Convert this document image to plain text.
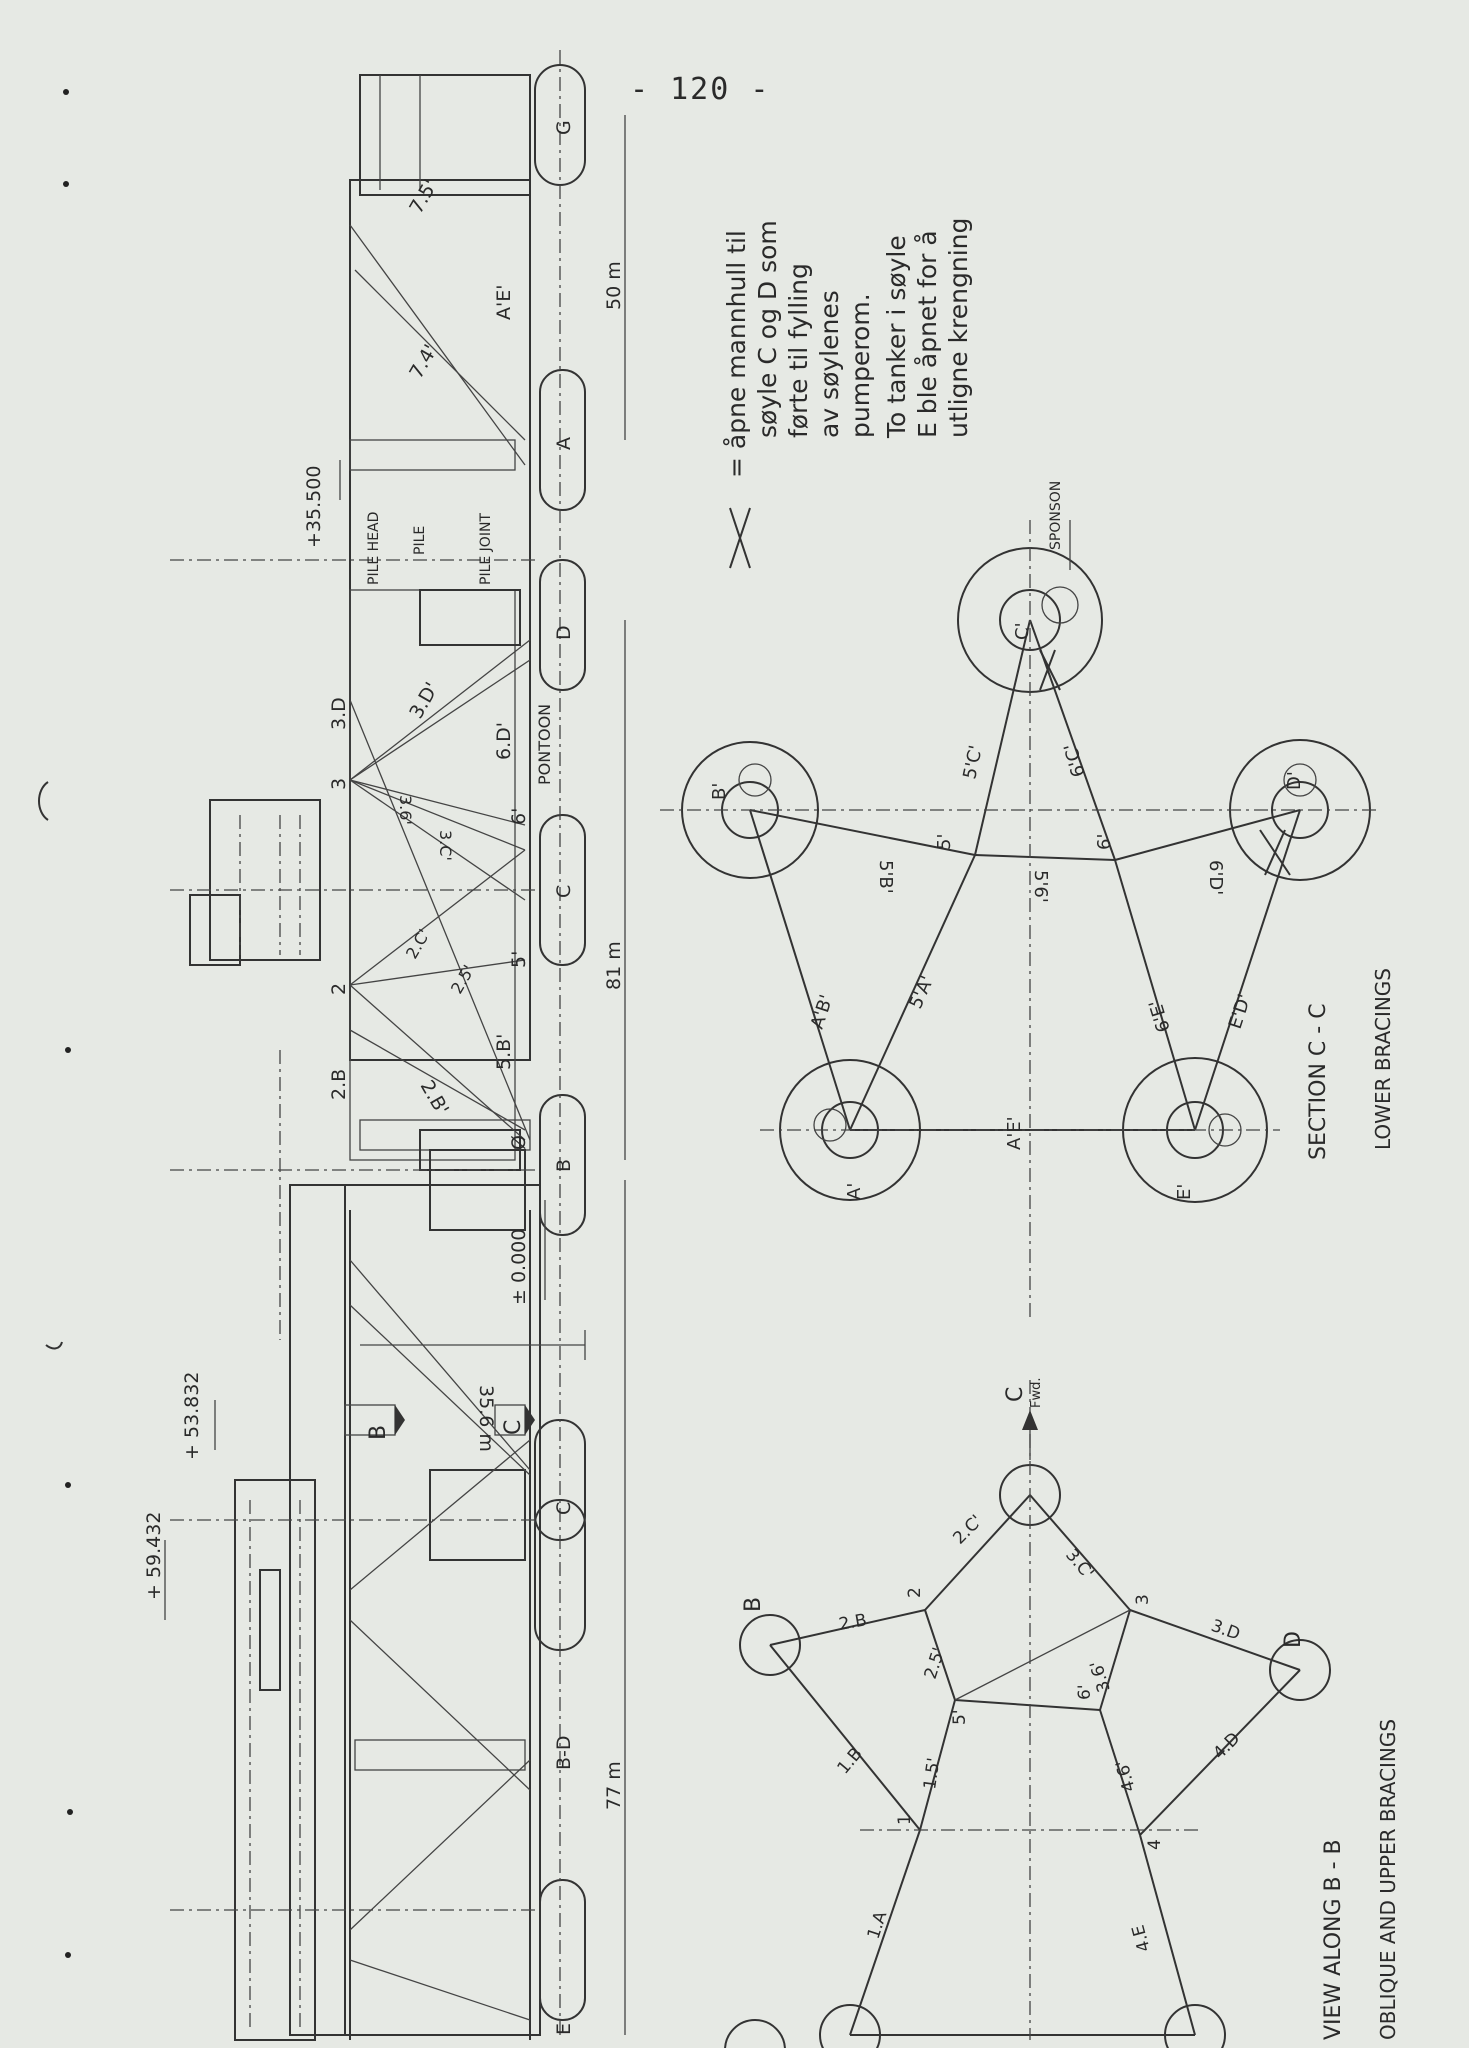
- 120 -
= åpne mannhull til søyle C og D som førte til fylling av søylenes pumperom. To tanker i søyle E ble åpnet for å utligne krengning
+ 59.432
+ 53.832
+35.500
± 0.000
35.6 m
50 m
81 m
77 m
PILE HEAD PILE	PILE JOINT
PONTOON
B	C
C
B-D
E
B
C
D
A
G
7.5'
7.4'
A'E'
3.D	3.D'
6.D'
3.6'
3.C'
2.C'
2.5'
2.B	2.B'
5.B'
2
3
5'
6'
Ø	SECTION C - C LOWER BRACINGS
SPONSON
C'
B'
D'
A'	E'
5'C'	6'C'
5'B'	5'6'	6'D'
5'A'
A'B'	6'E'	E'D'
A'E'
5'	6'
VIEW ALONG B - B OBLIQUE AND UPPER BRACINGS
Fwd.
C
B
D
2.C'
3.C'
2.B
2.5'	3.6'
3.D
1.B	1.5'
6'
4.6'
4.D
1.A	4.E
2
3
5'
1
4
